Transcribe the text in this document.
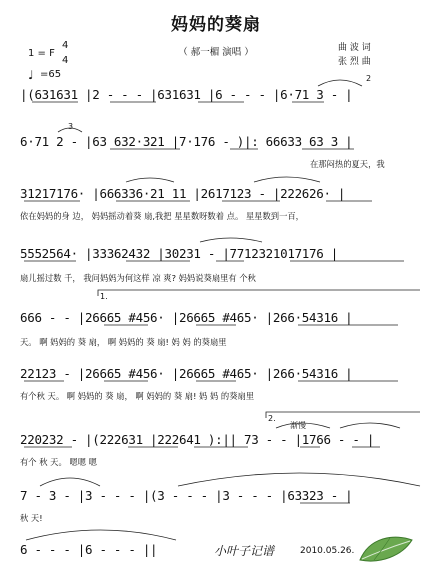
妈妈的葵扇
（ 郝一楣 演唱 ）	曲 波 词
张 烈 曲
1 = F
4
4
♩ =65
|(631631 |2 - - - |631631 |6 - - - |6·71 3 - |
6·71 2 - |63 632·321 |7·176 - )|: 66633 63 3 |
在那闷热的夏天，我
31217176· |666336·21 11 |2617123 - |222626· |
依在妈妈的身 边， 妈妈摇动着葵 扇,我把 星星数呀数着 点。 星星数到一百，
5552564· |33362432 |30231 - |7712321017176 |
扇儿摇过数 千， 我问妈妈为何这样 凉 爽? 妈妈说葵扇里有 个秋
666 - - |26665 #456· |26665 #465· |266·54316 |
天。 啊 妈妈的 葵 扇， 啊 妈妈的 葵 扇! 妈 妈 的葵扇里
22123 - |26665 #456· |26665 #465· |266·54316 |
有个秋 天。 啊 妈妈的 葵 扇， 啊 妈妈的 葵 扇! 妈 妈 的葵扇里
220232 - |(222631 |222641 ):|| 73 - - |1766 - - |
有个 秋 天。 嗯嗯 嗯
7 - 3 - |3 - - - |(3 - - - |3 - - - |63323 - |
秋 天!
6 - - - |6 - - - ||
1.
2.
渐慢
2
3
小叶子记谱	2010.05.26.
